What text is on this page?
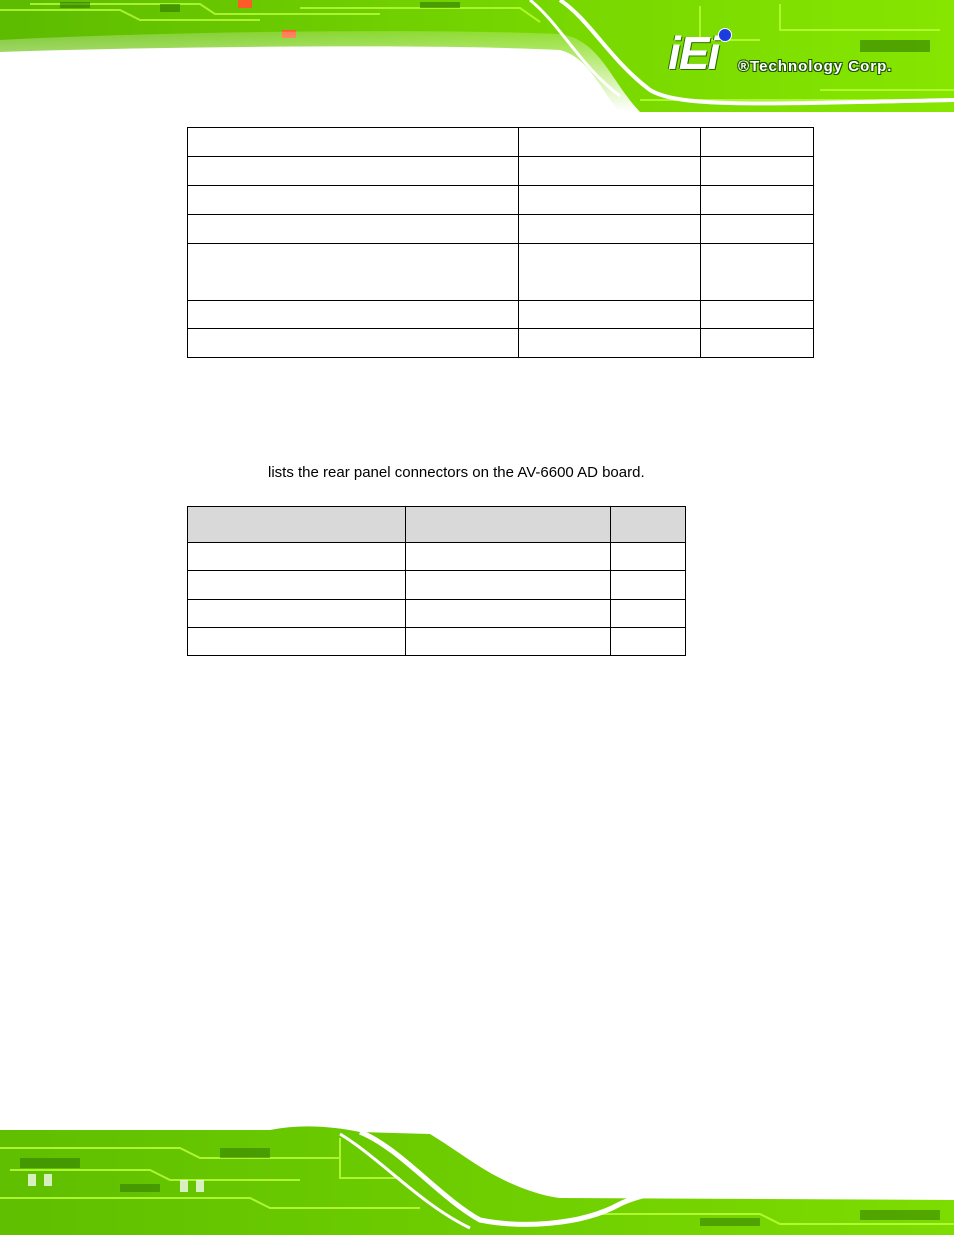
iEi ®Technology Corp.

lists the rear panel connectors on the AV-6600 AD board.
